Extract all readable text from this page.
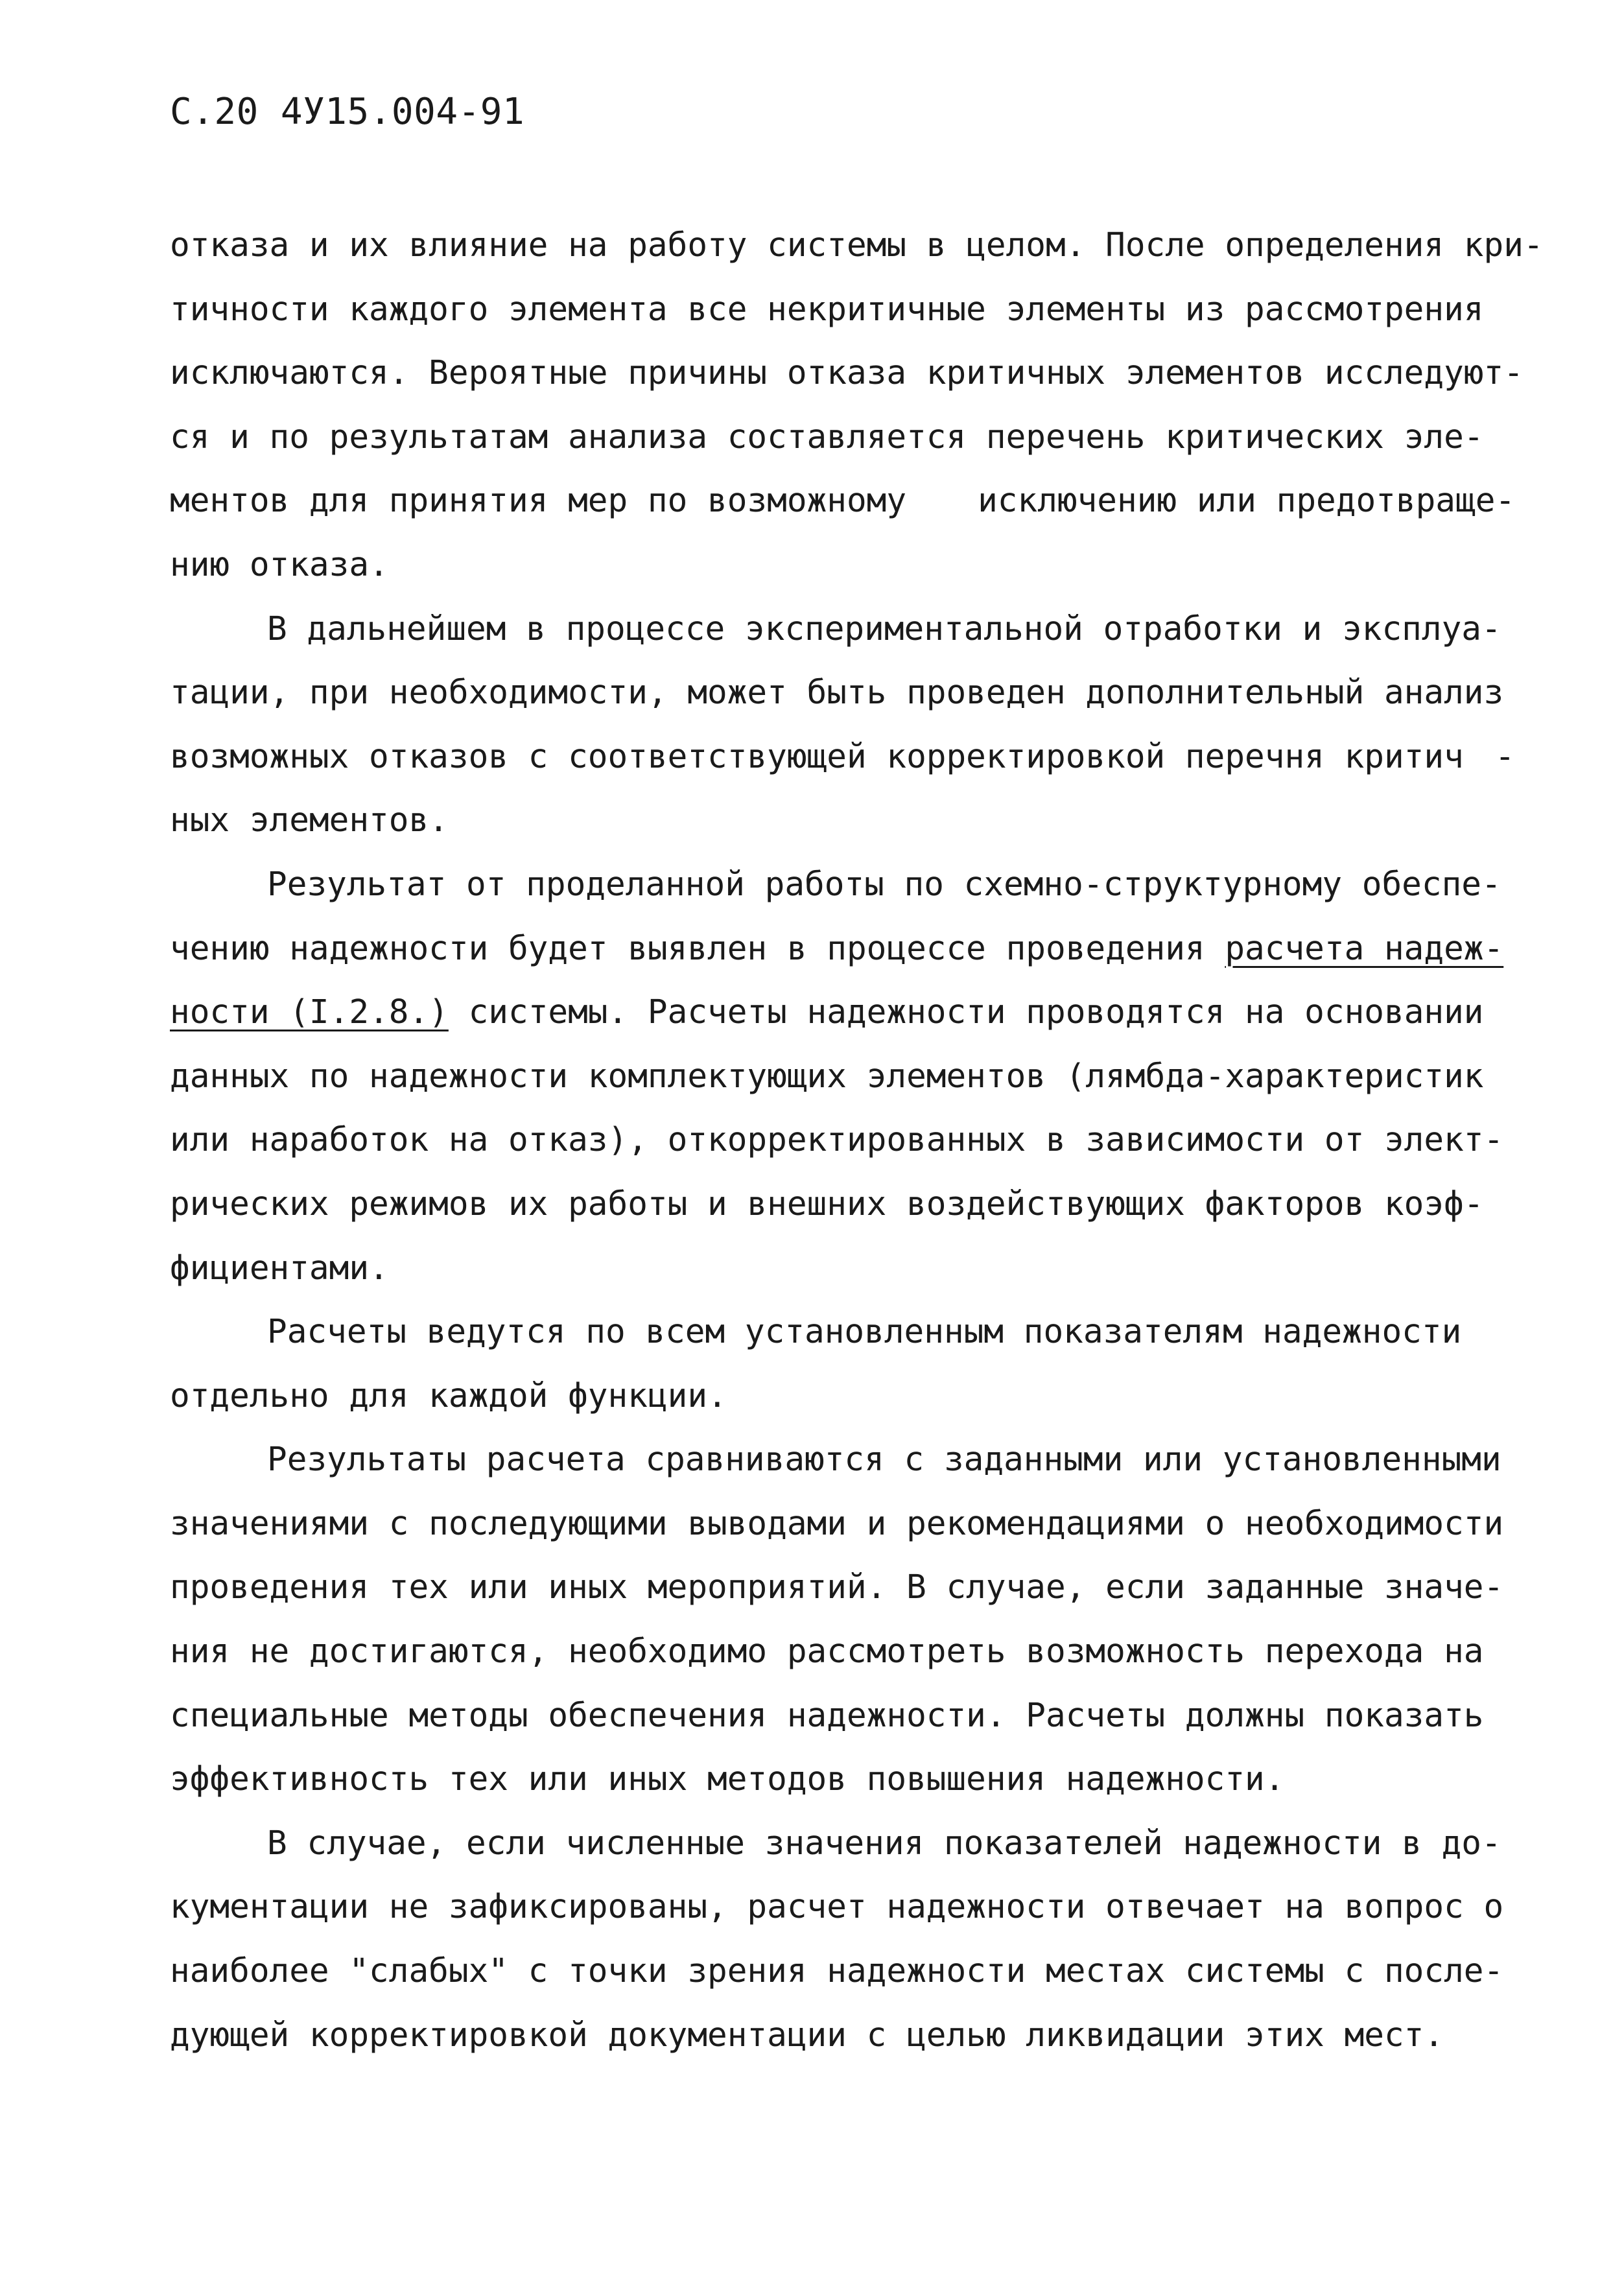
С.20 4У15.004-91
отказа и их влияние на работу системы в целом. После определения кри-
тичности каждого элемента все некритичные элементы из рассмотрения
исключаются. Вероятные причины отказа критичных элементов исследуют-
ся и по результатам анализа составляется перечень критических эле-
ментов для принятия мер по возможному исключению или предотвраще-
нию отказа.
В дальнейшем в процессе экспериментальной отработки и эксплуа-
тации, при необходимости, может быть проведен дополнительный анализ
возможных отказов с соответствующей корректировкой перечня критич -
ных элементов.
Результат от проделанной работы по схемно-структурному обеспе-
чению надежности будет выявлен в процессе проведения расчета надеж-
ности (I.2.8.) системы. Расчеты надежности проводятся на основании
данных по надежности комплектующих элементов (лямбда-характеристик
или наработок на отказ), откорректированных в зависимости от элект-
рических режимов их работы и внешних воздействующих факторов коэф-
фициентами.
Расчеты ведутся по всем установленным показателям надежности
отдельно для каждой функции.
Результаты расчета сравниваются с заданными или установленными
значениями с последующими выводами и рекомендациями о необходимости
проведения тех или иных мероприятий. В случае, если заданные значе-
ния не достигаются, необходимо рассмотреть возможность перехода на
специальные методы обеспечения надежности. Расчеты должны показать
эффективность тех или иных методов повышения надежности.
В случае, если численные значения показателей надежности в до-
кументации не зафиксированы, расчет надежности отвечает на вопрос о
наиболее "слабых" с точки зрения надежности местах системы с после-
дующей корректировкой документации с целью ликвидации этих мест.
